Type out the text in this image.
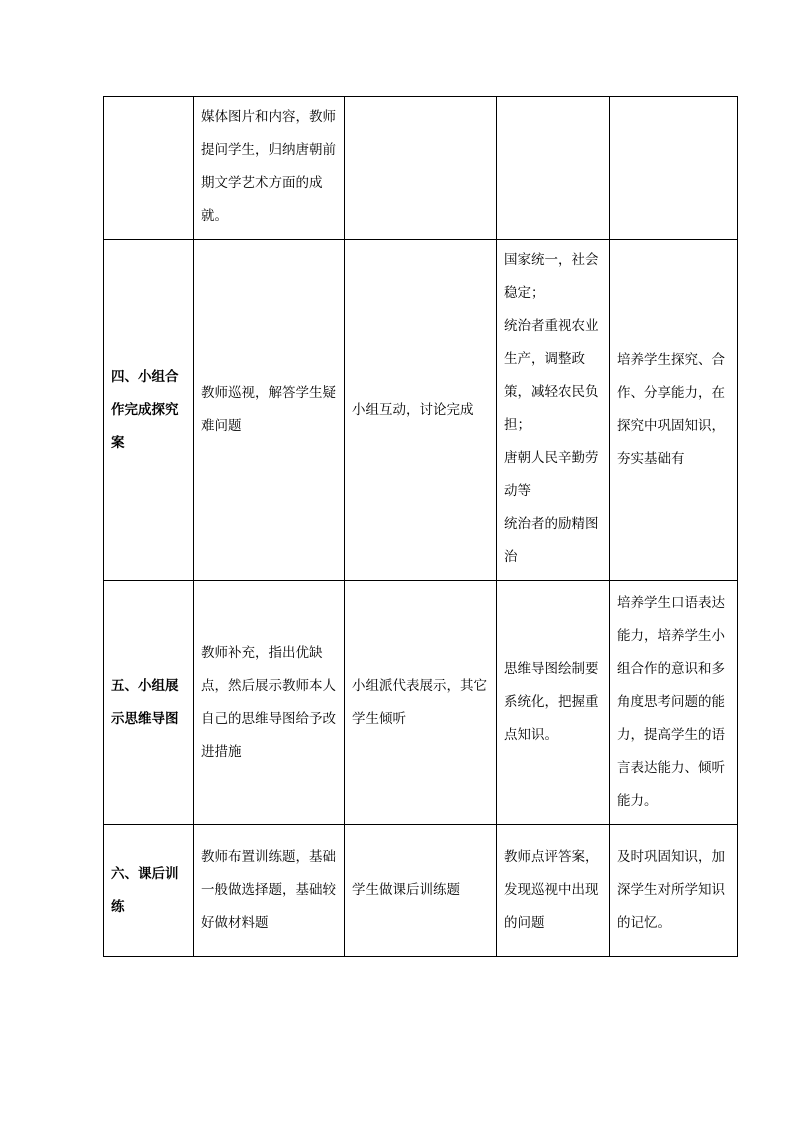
	媒体图片和内容，教师提问学生，归纳唐朝前期文学艺术方面的成就。			
四、小组合作完成探究案	教师巡视，解答学生疑难问题	小组互动，讨论完成	国家统一，社会稳定；
统治者重视农业生产，调整政策，减轻农民负担；
唐朝人民辛勤劳动等
统治者的励精图治	培养学生探究、合作、分享能力，在探究中巩固知识，夯实基础有
五、小组展示思维导图	教师补充，指出优缺点，然后展示教师本人自己的思维导图给予改进措施	小组派代表展示，其它学生倾听	思维导图绘制要系统化，把握重点知识。	培养学生口语表达能力，培养学生小组合作的意识和多角度思考问题的能力，提高学生的语言表达能力、倾听能力。
六、课后训练	教师布置训练题，基础一般做选择题，基础较好做材料题	学生做课后训练题	教师点评答案，发现巡视中出现的问题	及时巩固知识，加深学生对所学知识的记忆。
